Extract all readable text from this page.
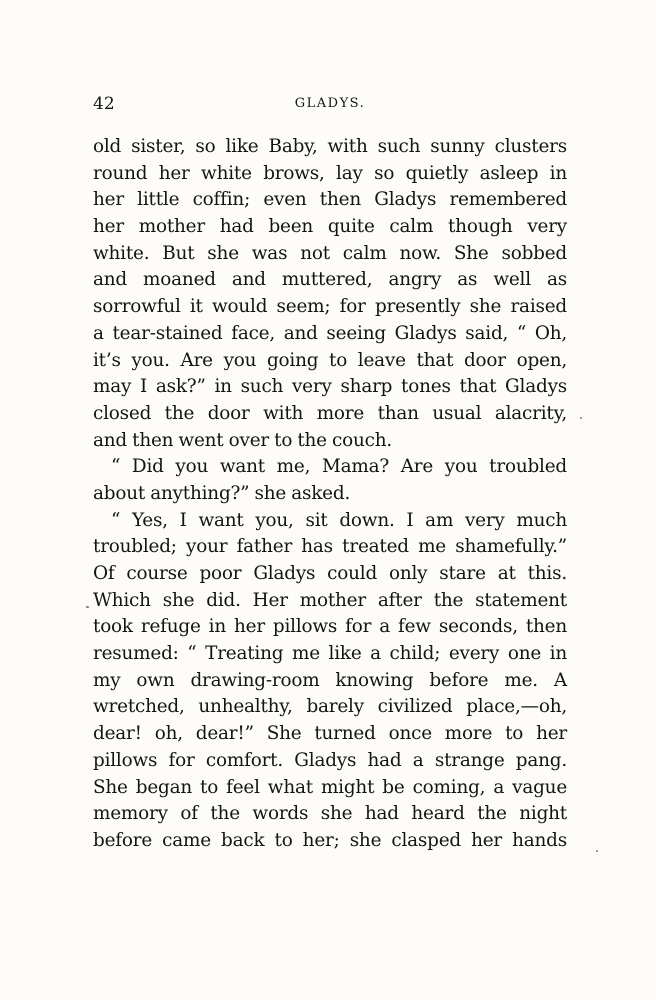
42	GLADYS.
old sister, so like Baby, with such sunny clusters
round her white brows, lay so quietly asleep in
her little coffin; even then Gladys remembered
her mother had been quite calm though very
white. But she was not calm now. She sobbed
and moaned and muttered, angry as well as
sorrowful it would seem; for presently she raised
a tear-stained face, and seeing Gladys said, “ Oh,
it’s you. Are you going to leave that door open,
may I ask?” in such very sharp tones that Gladys
closed the door with more than usual alacrity,
and then went over to the couch.
“ Did you want me, Mama? Are you troubled
about anything?” she asked.
“ Yes, I want you, sit down. I am very much
troubled; your father has treated me shamefully.”
Of course poor Gladys could only stare at this.
Which she did. Her mother after the statement
took refuge in her pillows for a few seconds, then
resumed: “ Treating me like a child; every one in
my own drawing-room knowing before me. A
wretched, unhealthy, barely civilized place,—oh,
dear! oh, dear!” She turned once more to her
pillows for comfort. Gladys had a strange pang.
She began to feel what might be coming, a vague
memory of the words she had heard the night
before came back to her; she clasped her hands
